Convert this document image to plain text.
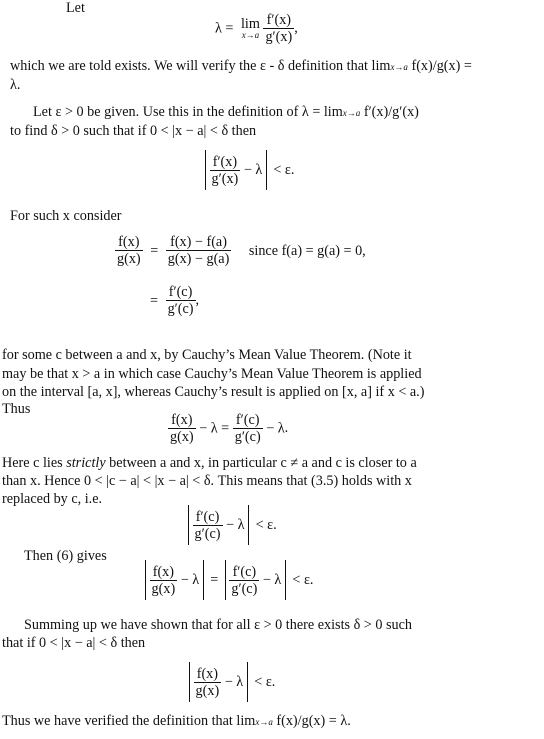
Let
λ = lim
x→a
$\frac{f'(x)}{g'(x)}$ ,
which we are told exists. We will verify the ε - δ definition that limx→a f(x)/g(x) =
λ.
Let ε > 0 be given. Use this in the definition of λ = limx→a f′(x)/g′(x)
to find δ > 0 such that if 0 < |x − a| < δ then

$\frac{f'(x)}{g'(x)} - \lambda < \varepsilon$.
For such x consider
$\frac{f(x)}{g(x)} = \frac{f(x) - f(a)}{g(x) - g(a)}$ since f(a) = g(a) = 0,
= $\frac{f'(c)}{g'(c)}$ ,
for some c between a and x, by Cauchy’s Mean Value Theorem. (Note it
may be that x > a in which case Cauchy’s Mean Value Theorem is applied
on the interval [a, x], whereas Cauchy’s result is applied on [x, a] if x < a.)
Thus
$\frac{f(x)}{g(x)} - \lambda = \frac{f'(c)}{g'(c)} - \lambda$.
Here c lies strictly between a and x, in particular c ≠ a and c is closer to a
than x. Hence 0 < |c − a| < |x − a| < δ. This means that (3.5) holds with x
replaced by c, i.e.

$\frac{f'(c)}{g'(c)} - \lambda < \varepsilon$.
Then (6) gives

$\frac{f(x)}{g(x)} - \lambda = \frac{f'(c)}{g'(c)} - \lambda < \varepsilon$.
Summing up we have shown that for all ε > 0 there exists δ > 0 such
that if 0 < |x − a| < δ then

$\frac{f(x)}{g(x)} - \lambda < \varepsilon$.
Thus we have verified the definition that limx→a f(x)/g(x) = λ.
